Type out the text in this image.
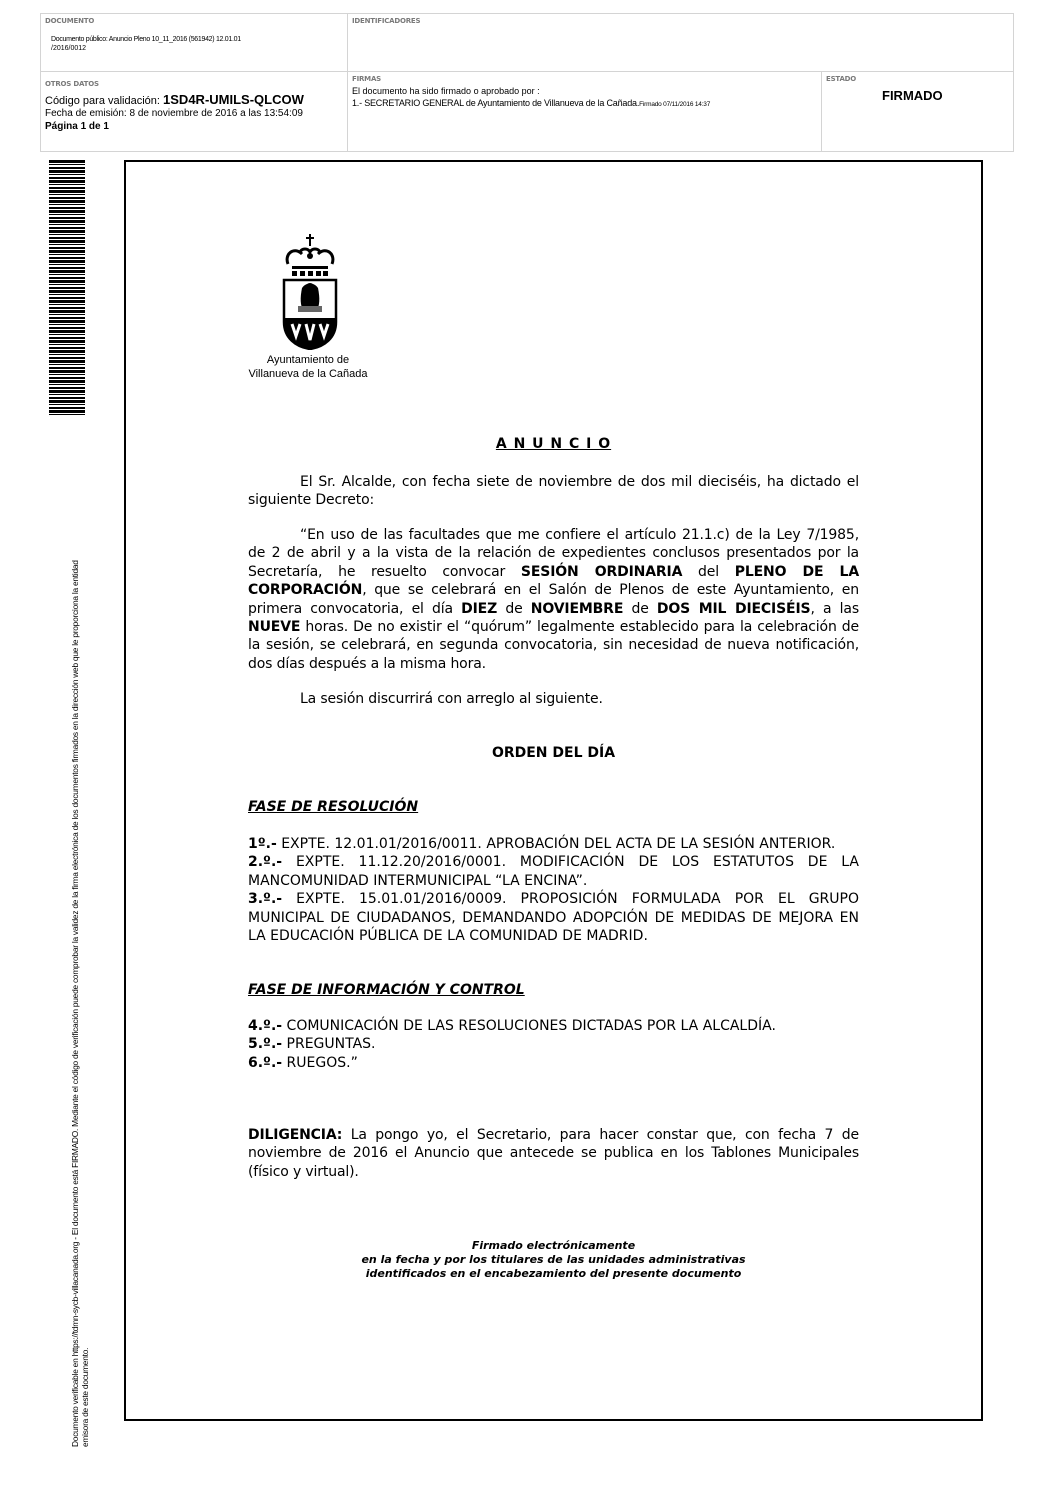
DOCUMENTO
Documento público: Anuncio Pleno 10_11_2016 (561942) 12.01.01
/2016/0012
IDENTIFICADORES
OTROS DATOS
Código para validación: 1SD4R-UMILS-QLCOW
Fecha de emisión: 8 de noviembre de 2016 a las 13:54:09
Página 1 de 1
FIRMAS
El documento ha sido firmado o aprobado por :
1.- SECRETARIO GENERAL de Ayuntamiento de Villanueva de la Cañada.Firmado 07/11/2016 14:37
ESTADO
FIRMADO
Documento verificable en https://tdmn-sycb-villacanada.org - El documento está FIRMADO. Mediante el código de verificación puede comprobar la validez de la firma electrónica de los documentos firmados en la dirección web que le proporciona la entidad emisora de este documento.
Ayuntamiento de
Villanueva de la Cañada
A N U N C I O
El Sr. Alcalde, con fecha siete de noviembre de dos mil dieciséis, ha dictado el siguiente Decreto:
“En uso de las facultades que me confiere el artículo 21.1.c) de la Ley 7/1985, de 2 de abril y a la vista de la relación de expedientes conclusos presentados por la Secretaría, he resuelto convocar SESIÓN ORDINARIA del PLENO DE LA CORPORACIÓN, que se celebrará en el Salón de Plenos de este Ayuntamiento, en primera convocatoria, el día DIEZ de NOVIEMBRE de DOS MIL DIECISÉIS, a las NUEVE horas. De no existir el “quórum” legalmente establecido para la celebración de la sesión, se celebrará, en segunda convocatoria, sin necesidad de nueva notificación, dos días después a la misma hora.
La sesión discurrirá con arreglo al siguiente.
ORDEN DEL DÍA
FASE DE RESOLUCIÓN
1º.- EXPTE. 12.01.01/2016/0011. APROBACIÓN DEL ACTA DE LA SESIÓN ANTERIOR.
2.º.- EXPTE. 11.12.20/2016/0001. MODIFICACIÓN DE LOS ESTATUTOS DE LA MANCOMUNIDAD INTERMUNICIPAL “LA ENCINA”.
3.º.- EXPTE. 15.01.01/2016/0009. PROPOSICIÓN FORMULADA POR EL GRUPO MUNICIPAL DE CIUDADANOS, DEMANDANDO ADOPCIÓN DE MEDIDAS DE MEJORA EN LA EDUCACIÓN PÚBLICA DE LA COMUNIDAD DE MADRID.
FASE DE INFORMACIÓN Y CONTROL
4.º.- COMUNICACIÓN DE LAS RESOLUCIONES DICTADAS POR LA ALCALDÍA.
5.º.- PREGUNTAS.
6.º.- RUEGOS.”
DILIGENCIA: La pongo yo, el Secretario, para hacer constar que, con fecha 7 de noviembre de 2016 el Anuncio que antecede se publica en los Tablones Municipales (físico y virtual).
Firmado electrónicamente
en la fecha y por los titulares de las unidades administrativas
identificados en el encabezamiento del presente documento
